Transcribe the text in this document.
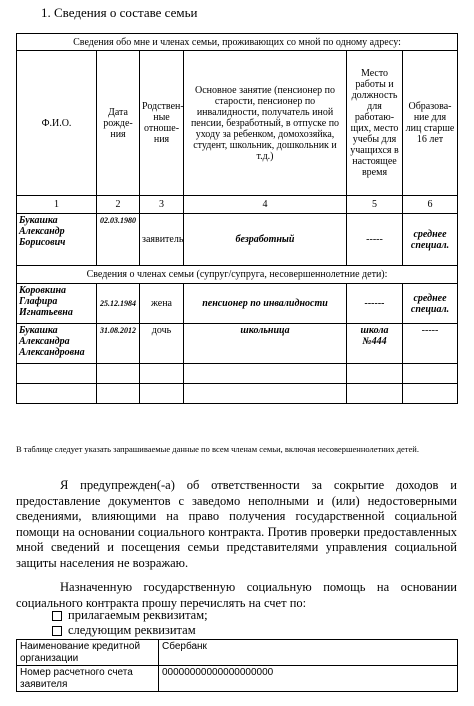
1. Сведения о составе семьи
Сведения обо мне и членах семьи, проживающих со мной по одному адресу:					
Ф.И.О.	Дата рожде-ния	Родствен-ные отноше-ния	Основное занятие (пенсионер по старости, пенсионер по инвалидности, получатель иной пенсии, безработный, в отпуске по уходу за ребенком, домохозяйка, студент, школьник, дошкольник и т.д.)	Место работы и должность для работаю-щих, место учебы для учащихся в настоящее время	Образова-ние для лиц старше 16 лет
1	2	3	4	5	6
Букашка Александр Борисович	02.03.1980	заявитель	безработный	-----	среднее специал.
Сведения о членах семьи (супруг/супруга, несовершеннолетние дети):					
Коровкина Глафира Игнатьевна	25.12.1984	жена	пенсионер по инвалидности	------	среднее специал.
Букашка Александра Александровна	31.08.2012	дочь	школьница	школа №444	-----

В таблице следует указать запрашиваемые данные по всем членам семьи, включая несовершеннолетних детей.
Я предупрежден(-а) об ответственности за сокрытие доходов и предоставление документов с заведомо неполными и (или) недостоверными сведениями, влияющими на право получения государственной социальной помощи на основании социального контракта. Против проверки предоставленных мной сведений и посещения семьи представителями управления социальной защиты населения не возражаю.
Назначенную государственную социальную помощь на основании социального контракта прошу перечислять на счет по:
прилагаемым реквизитам;
следующим реквизитам
Наименование кредитной организации	Сбербанк
Номер расчетного счета заявителя	00000000000000000000
